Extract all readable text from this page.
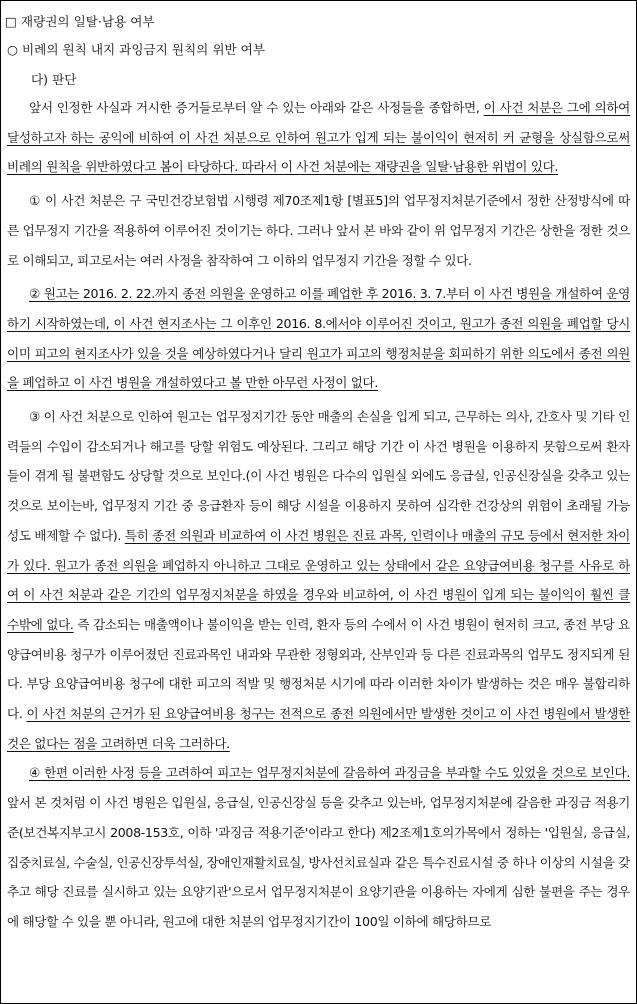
□ 재량권의 일탈·남용 여부
○ 비례의 원칙 내지 과잉금지 원칙의 위반 여부
다) 판단

앞서 인정한 사실과 거시한 증거들로부터 알 수 있는 아래와 같은 사정들을 종합하면, 이 사건 처분은 그에 의하여 달성하고자 하는 공익에 비하여 이 사건 처분으로 인하여 원고가 입게 되는 불이익이 현저히 커 균형을 상실함으로써 비례의 원칙을 위반하였다고 봄이 타당하다. 따라서 이 사건 처분에는 재량권을 일탈·남용한 위법이 있다.

① 이 사건 처분은 구 국민건강보험법 시행령 제70조제1항 [별표5]의 업무정지처분기준에서 정한 산정방식에 따른 업무정지 기간을 적용하여 이루어진 것이기는 하다. 그러나 앞서 본 바와 같이 위 업무정지 기간은 상한을 정한 것으로 이해되고, 피고로서는 여러 사정을 참작하여 그 이하의 업무정지 기간을 정할 수 있다.

② 원고는 2016. 2. 22.까지 종전 의원을 운영하고 이를 폐업한 후 2016. 3. 7.부터 이 사건 병원을 개설하여 운영하기 시작하였는데, 이 사건 현지조사는 그 이후인 2016. 8.에서야 이루어진 것이고, 원고가 종전 의원을 폐업할 당시 이미 피고의 현지조사가 있을 것을 예상하였다거나 달리 원고가 피고의 행정처분을 회피하기 위한 의도에서 종전 의원을 폐업하고 이 사건 병원을 개설하였다고 볼 만한 아무런 사정이 없다.

③ 이 사건 처분으로 인하여 원고는 업무정지기간 동안 매출의 손실을 입게 되고, 근무하는 의사, 간호사 및 기타 인력들의 수입이 감소되거나 해고를 당할 위험도 예상된다. 그리고 해당 기간 이 사건 병원을 이용하지 못함으로써 환자들이 겪게 될 불편함도 상당할 것으로 보인다.(이 사건 병원은 다수의 입원실 외에도 응급실, 인공신장실을 갖추고 있는 것으로 보이는바, 업무정지 기간 중 응급환자 등이 해당 시설을 이용하지 못하여 심각한 건강상의 위험이 초래될 가능성도 배제할 수 없다). 특히 종전 의원과 비교하여 이 사건 병원은 진료 과목, 인력이나 매출의 규모 등에서 현저한 차이가 있다. 원고가 종전 의원을 폐업하지 아니하고 그대로 운영하고 있는 상태에서 같은 요양급여비용 청구를 사유로 하여 이 사건 처분과 같은 기간의 업무정지처분을 하였을 경우와 비교하여, 이 사건 병원이 입게 되는 불이익이 훨씬 클 수밖에 없다. 즉 감소되는 매출액이나 불이익을 받는 인력, 환자 등의 수에서 이 사건 병원이 현저히 크고, 종전 부당 요양급여비용 청구가 이루어졌던 진료과목인 내과와 무관한 정형외과, 산부인과 등 다른 진료과목의 업무도 정지되게 된다. 부당 요양급여비용 청구에 대한 피고의 적발 및 행정처분 시기에 따라 이러한 차이가 발생하는 것은 매우 불합리하다. 이 사건 처분의 근거가 된 요양급여비용 청구는 전적으로 종전 의원에서만 발생한 것이고 이 사건 병원에서 발생한 것은 없다는 점을 고려하면 더욱 그러하다.

④ 한편 이러한 사정 등을 고려하여 피고는 업무정지처분에 갈음하여 과징금을 부과할 수도 있었을 것으로 보인다. 앞서 본 것처럼 이 사건 병원은 입원실, 응급실, 인공신장실 등을 갖추고 있는바, 업무정지처분에 갈음한 과징금 적용기준(보건복지부고시 2008-153호, 이하 '과징금 적용기준'이라고 한다) 제2조제1호의가목에서 정하는 '입원실, 응급실, 집중치료실, 수술실, 인공신장투석실, 장애인재활치료실, 방사선치료실과 같은 특수진료시설 중 하나 이상의 시설을 갖추고 해당 진료를 실시하고 있는 요양기관'으로서 업무정지처분이 요양기관을 이용하는 자에게 심한 불편을 주는 경우에 해당할 수 있을 뿐 아니라, 원고에 대한 처분의 업무정지기간이 100일 이하에 해당하므로
